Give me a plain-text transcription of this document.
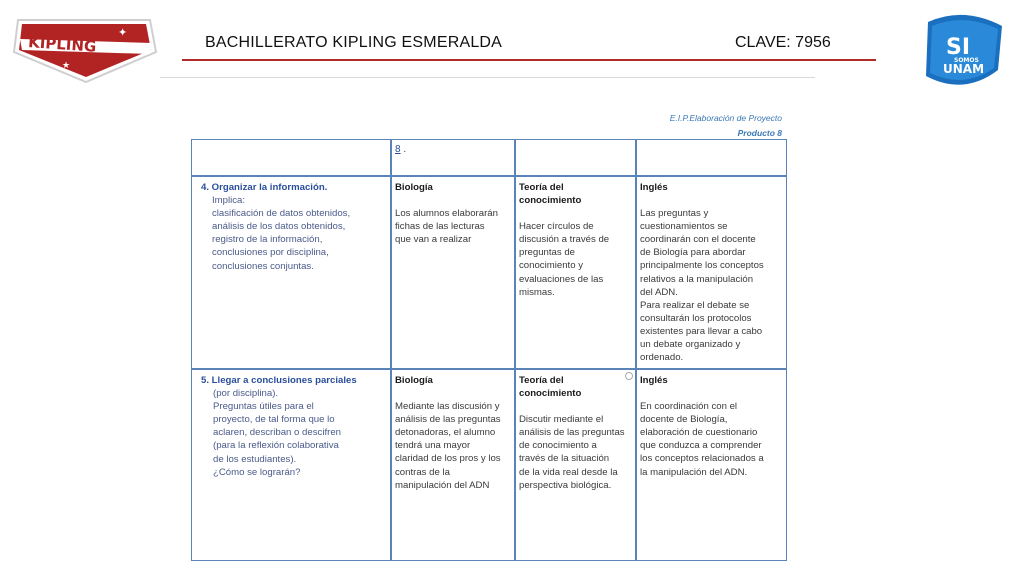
KIPLING
✦
★
SI
SOMOS
UNAM
BACHILLERATO KIPLING ESMERALDA	CLAVE: 7956
E.I.P.Elaboración de Proyecto
Producto 8
8 .
4. Organizar la información.
Implica:
clasificación de datos obtenidos,
análisis de los datos obtenidos,
registro de la información,
conclusiones por disciplina,
conclusiones conjuntas.
Biología
Los alumnos elaborarán
fichas de las lecturas
que van a realizar
Teoría del
conocimiento
Hacer círculos de
discusión a través de
preguntas de
conocimiento y
evaluaciones de las
mismas.
Inglés
Las preguntas y
cuestionamientos se
coordinarán con el docente
de Biología para abordar
principalmente los conceptos
relativos a la manipulación
del ADN.
Para realizar el debate se
consultarán los protocolos
existentes para llevar a cabo
un debate organizado y
ordenado.
5. Llegar a conclusiones parciales
(por disciplina).
Preguntas útiles para el
proyecto, de tal forma que lo
aclaren, describan o descifren
(para la reflexión colaborativa
de los estudiantes).
¿Cómo se lograrán?
Biología
Mediante las discusión y
análisis de las preguntas
detonadoras, el alumno
tendrá una mayor
claridad de los pros y los
contras de la
manipulación del ADN
Teoría del
conocimiento
Discutir mediante el
análisis de las preguntas
de conocimiento a
través de la situación
de la vida real desde la
perspectiva biológica.
Inglés
En coordinación con el
docente de Biología,
elaboración de cuestionario
que conduzca a comprender
los conceptos relacionados a
la manipulación del ADN.
